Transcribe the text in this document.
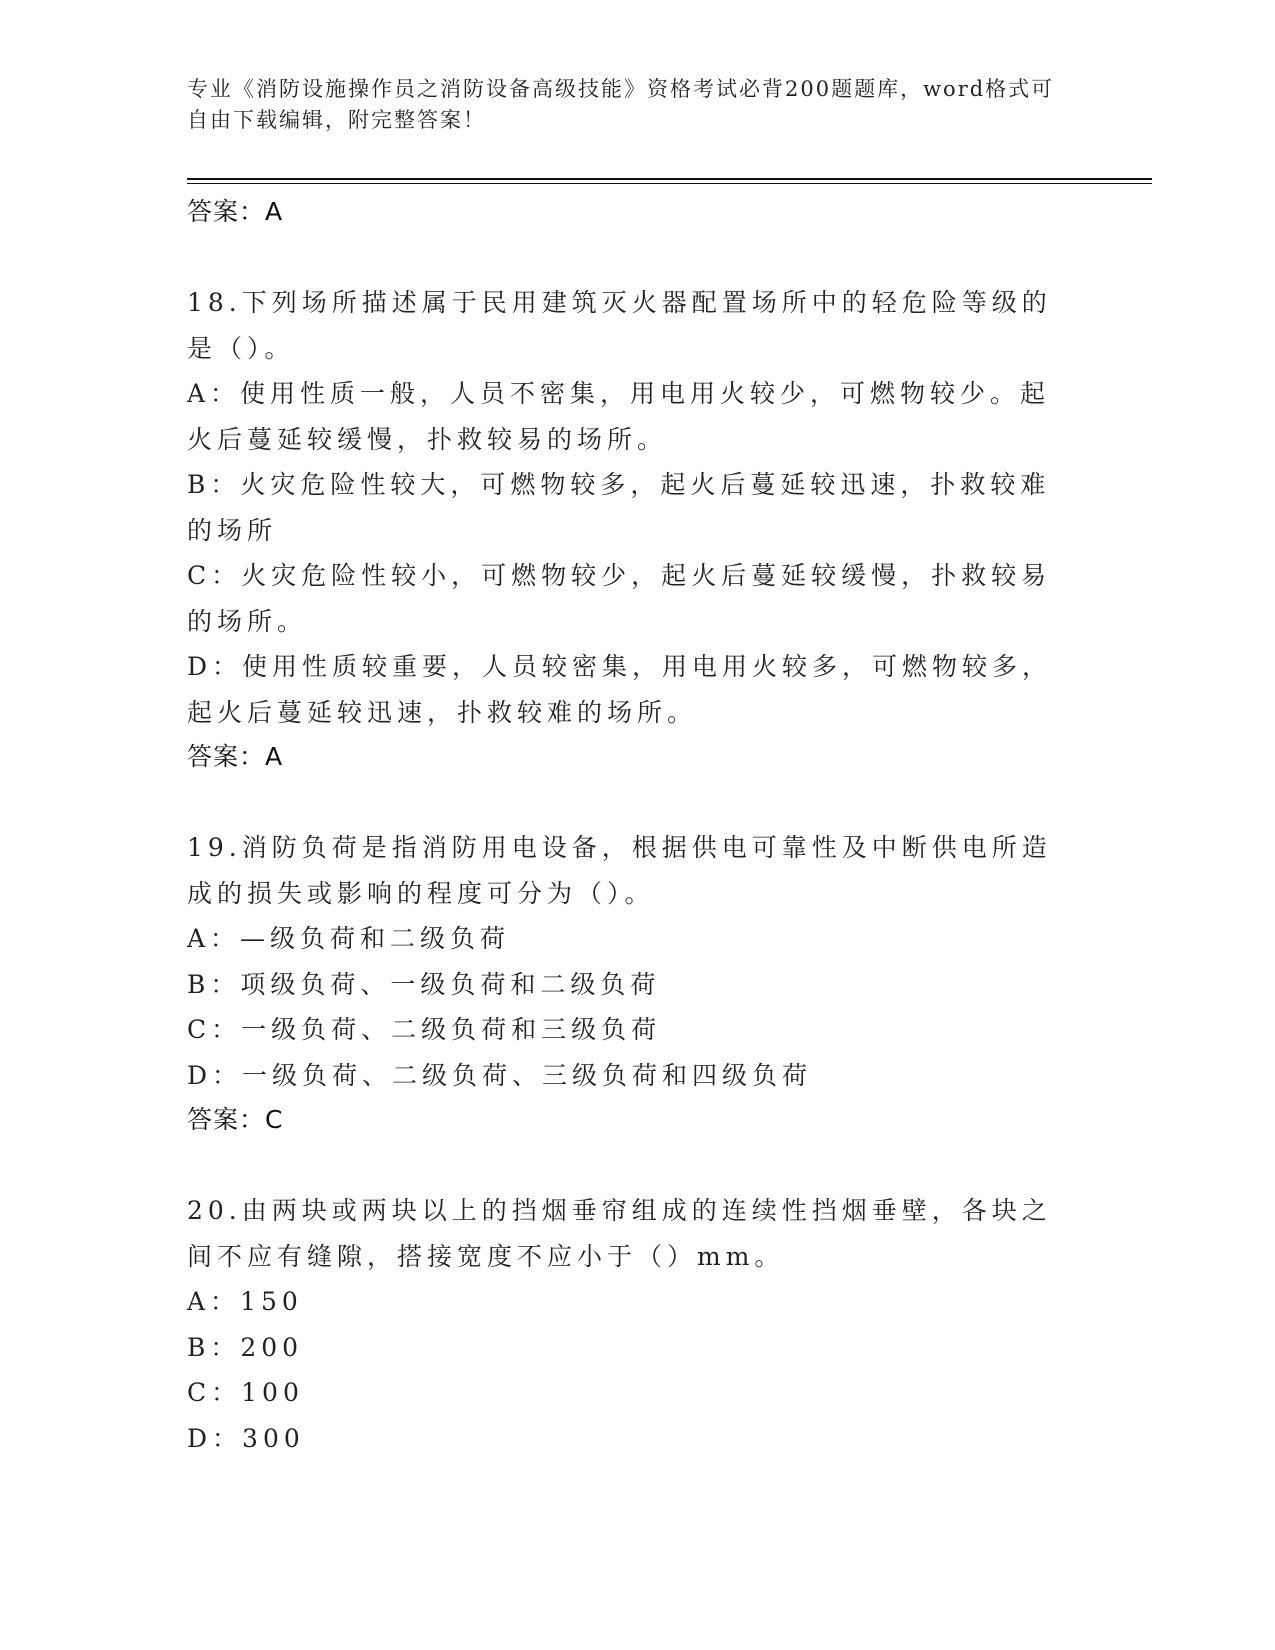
专业《消防设施操作员之消防设备高级技能》资格考试必背200题题库，word格式可自由下载编辑，附完整答案！

答案：A

18.下列场所描述属于民用建筑灭火器配置场所中的轻危险等级的是（）。

A：使用性质一般，人员不密集，用电用火较少，可燃物较少。起火后蔓延较缓慢，扑救较易的场所。

B：火灾危险性较大，可燃物较多，起火后蔓延较迅速，扑救较难的场所

C：火灾危险性较小，可燃物较少，起火后蔓延较缓慢，扑救较易的场所。

D：使用性质较重要，人员较密集，用电用火较多，可燃物较多，起火后蔓延较迅速，扑救较难的场所。

答案：A

19.消防负荷是指消防用电设备，根据供电可靠性及中断供电所造成的损失或影响的程度可分为（）。

A：—级负荷和二级负荷

B：项级负荷、一级负荷和二级负荷

C：一级负荷、二级负荷和三级负荷

D：一级负荷、二级负荷、三级负荷和四级负荷

答案：C

20.由两块或两块以上的挡烟垂帘组成的连续性挡烟垂壁，各块之间不应有缝隙，搭接宽度不应小于（）mm。

A：150

B：200

C：100

D：300
